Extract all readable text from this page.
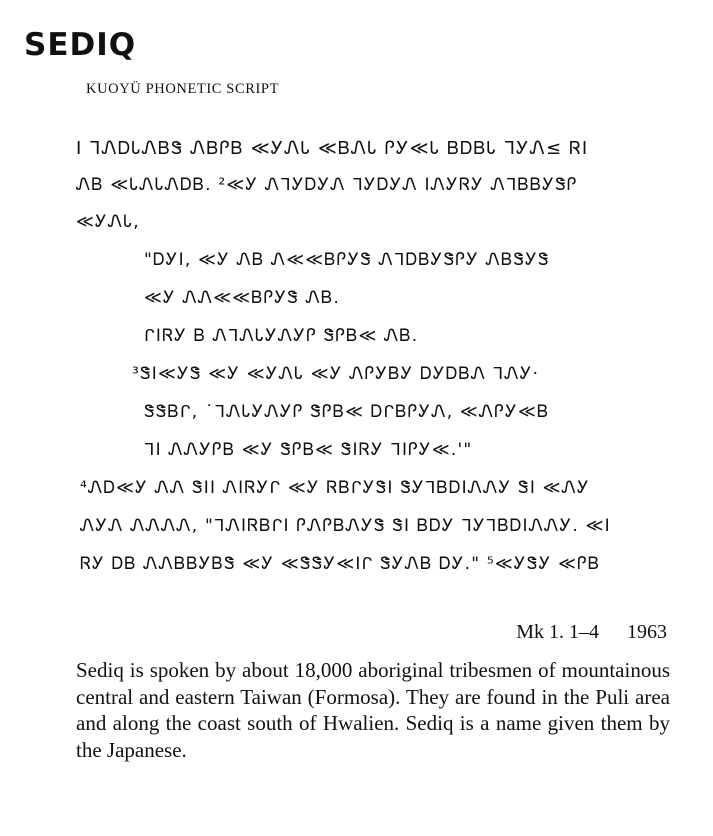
SEDIQ
KUOYÜ PHONETIC SCRIPT
I ᒣᏁᎠᏓᏁᏴᏕ ᏁᏴᎵᏴ ≪ᎩᏁᏓ ≪ᏴᏁᏓ ᎵᎩ≪Ꮣ ᏴᎠᏴᏓ ᒣᎩᏁ≤ ᏒI
ᏁᏴ ≪ᏓᏁᏓᏁᎠᏴ. ²≪Ꭹ ᏁᒣᎩᎠᎩᏁ ᒣᎩᎠᎩᏁ IᏁᎩᏒᎩ ᏁᒣᏴᏴᎩᏕᎵ
≪ᎩᏁᏓ,
"ᎠᎩI, ≪Ꭹ ᏁᏴ Ꮑ≪≪ᏴᎵᎩᏕ ᏁᒣᎠᏴᎩᏕᎵᎩ ᏁᏴᏕᎩᏕ
≪Ꭹ ᏁᏁ≪≪ᏴᎵᎩᏕ ᏁᏴ.
ᒋIᏒᎩ Ᏼ ᏁᒣᏁᏓᎩᏁᎩᎵ ᏕᎵᏴ≪ ᏁᏴ.
³ᏕI≪ᎩᏕ ≪Ꭹ ≪ᎩᏁᏓ ≪Ꭹ ᏁᎵᎩᏴᎩ ᎠᎩᎠᏴᏁ ᒣᏁᎩ·
ᏕᏕᏴᒋ, ˙ᒣᏁᏓᎩᏁᎩᎵ ᏕᎵᏴ≪ ᎠᒋᏴᎵᎩᏁ, ≪ᏁᎵᎩ≪Ᏼ
ᒣI ᏁᏁᎩᎵᏴ ≪Ꭹ ᏕᎵᏴ≪ ᏕIᏒᎩ ᒣIᎵᎩ≪.'"
⁴ᏁᎠ≪Ꭹ ᏁᏁ ᏕII ᏁIᏒᎩᒋ ≪Ꭹ ᏒᏴᒋᎩᏕI ᏕᎩᒣᏴᎠIᏁᏁᎩ ᏕI ≪ᏁᎩ
ᏁᎩᏁ ᏁᏁᏁᏁ, "ᒣᏁIᏒᏴᒋI ᎵᏁᎵᏴᏁᎩᏕ ᏕI ᏴᎠᎩ ᒣᎩᒣᏴᎠIᏁᏁᎩ. ≪I
ᏒᎩ ᎠᏴ ᏁᏁᏴᏴᎩᏴᏕ ≪Ꭹ ≪ᏕᏕᎩ≪Iᒋ ᏕᎩᏁᏴ ᎠᎩ." ⁵≪ᎩᏕᎩ ≪ᎵᏴ
Mk 1. 1–4 1963
Sediq is spoken by about 18,000 aboriginal tribesmen of mountainous central and eastern Taiwan (Formosa). They are found in the Puli area and along the coast south of Hwalien. Sediq is a name given them by the Japanese.
